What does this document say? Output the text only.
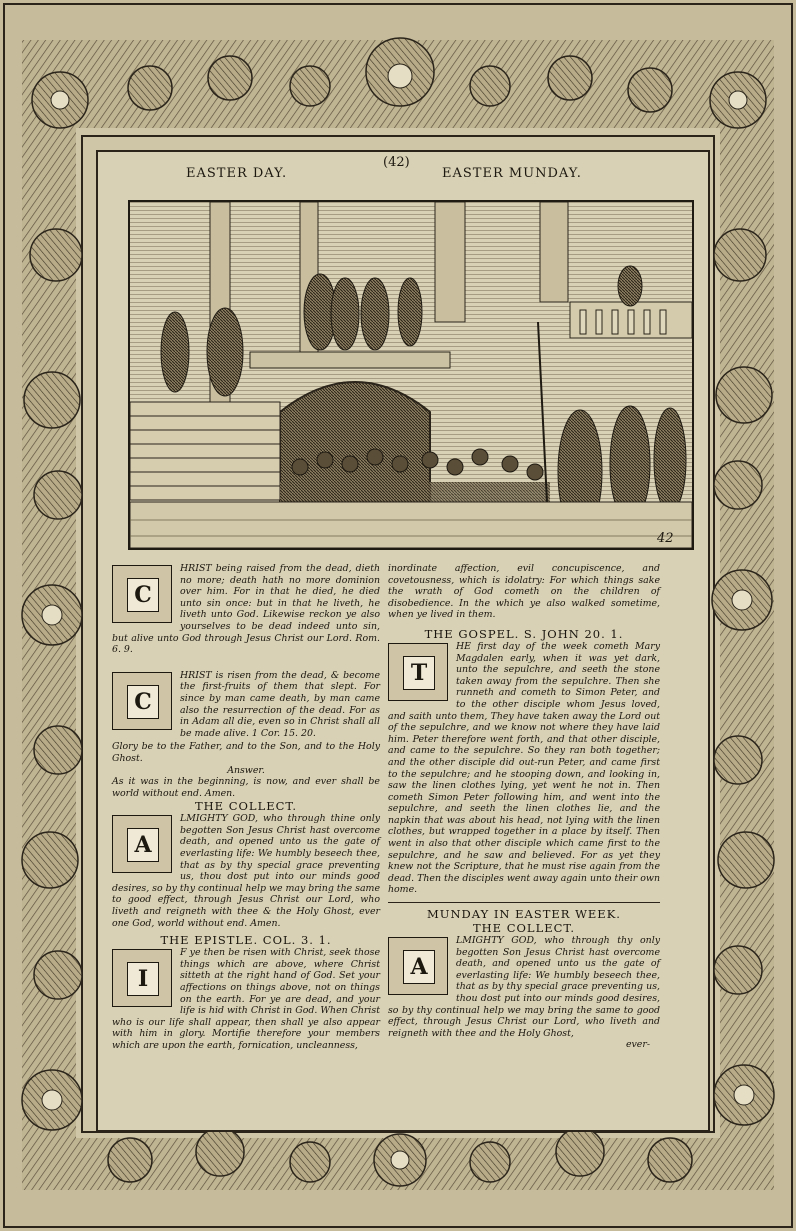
EASTER DAY.	EASTER MUNDAY.
(42)
42
C

HRIST being raised from the dead, dieth no more; death hath no more dominion over him. For in that he died, he died unto sin once: but in that he liveth, he liveth unto God. Likewise reckon ye also yourselves to be dead indeed unto sin, but alive unto God through Jesus Christ our Lord. Rom. 6. 9.

C

HRIST is risen from the dead, & become the first-fruits of them that slept. For since by man came death, by man came also the resurrection of the dead. For as in Adam all die, even so in Christ shall all be made alive. 1 Cor. 15. 20.

Glory be to the Father, and to the Son, and to the Holy Ghost.

Answer.

As it was in the beginning, is now, and ever shall be world without end. Amen.

THE COLLECT.

A

LMIGHTY GOD, who through thine only begotten Son Jesus Christ hast overcome death, and opened unto us the gate of everlasting life: We humbly beseech thee, that as by thy special grace preventing us, thou dost put into our minds good desires, so by thy continual help we may bring the same to good effect, through Jesus Christ our Lord, who liveth and reigneth with thee & the Holy Ghost, ever one God, world without end. Amen.

THE EPISTLE. COL. 3. 1.

I

F ye then be risen with Christ, seek those things which are above, where Christ sitteth at the right hand of God. Set your affections on things above, not on things on the earth. For ye are dead, and your life is hid with Christ in God. When Christ who is our life shall appear, then shall ye also appear with him in glory. Mortifie therefore your members which are upon the earth, fornication, uncleanness,

inordinate affection, evil concupiscence, and covetousness, which is idolatry: For which things sake the wrath of God cometh on the children of disobedience. In the which ye also walked sometime, when ye lived in them.

THE GOSPEL. S. JOHN 20. 1.

T

HE first day of the week cometh Mary Magdalen early, when it was yet dark, unto the sepulchre, and seeth the stone taken away from the sepulchre. Then she runneth and cometh to Simon Peter, and to the other disciple whom Jesus loved, and saith unto them, They have taken away the Lord out of the sepulchre, and we know not where they have laid him. Peter therefore went forth, and that other disciple, and came to the sepulchre. So they ran both together; and the other disciple did out-run Peter, and came first to the sepulchre; and he stooping down, and looking in, saw the linen clothes lying, yet went he not in. Then cometh Simon Peter following him, and went into the sepulchre, and seeth the linen clothes lie, and the napkin that was about his head, not lying with the linen clothes, but wrapped together in a place by itself. Then went in also that other disciple which came first to the sepulchre, and he saw and believed. For as yet they knew not the Scripture, that he must rise again from the dead. Then the disciples went away again unto their own home.

MUNDAY IN EASTER WEEK.

THE COLLECT.

A

LMIGHTY GOD, who through thy only begotten Son Jesus Christ hast overcome death, and opened unto us the gate of everlasting life: We humbly beseech thee, that as by thy special grace preventing us, thou dost put into our minds good desires, so by thy continual help we may bring the same to good effect, through Jesus Christ our Lord, who liveth and reigneth with thee and the Holy Ghost,

ever-
